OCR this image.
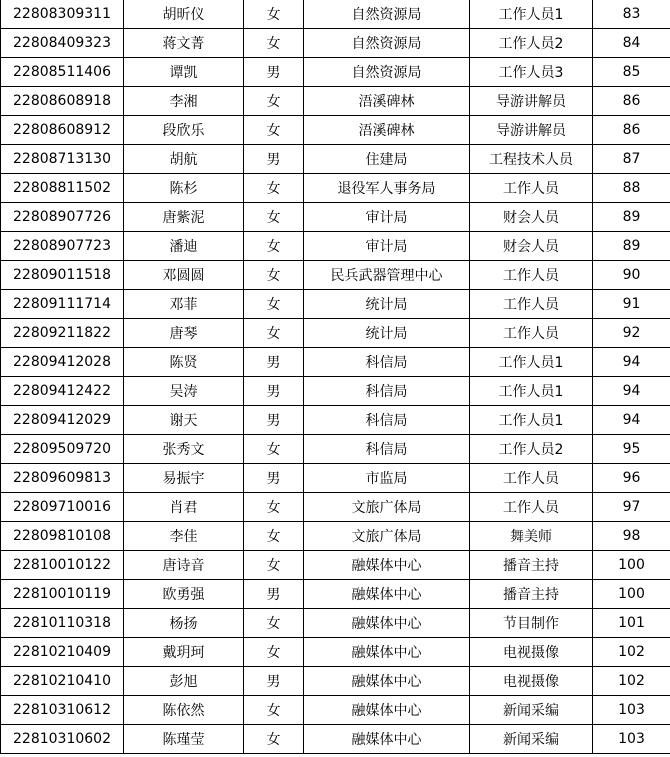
22808309311	胡昕仪	女	自然资源局	工作人员1	83
22808409323	蒋文菁	女	自然资源局	工作人员2	84
22808511406	谭凯	男	自然资源局	工作人员3	85
22808608918	李湘	女	浯溪碑林	导游讲解员	86
22808608912	段欣乐	女	浯溪碑林	导游讲解员	86
22808713130	胡航	男	住建局	工程技术人员	87
22808811502	陈杉	女	退役军人事务局	工作人员	88
22808907726	唐紫泥	女	审计局	财会人员	89
22808907723	潘迪	女	审计局	财会人员	89
22809011518	邓圆圆	女	民兵武器管理中心	工作人员	90
22809111714	邓菲	女	统计局	工作人员	91
22809211822	唐琴	女	统计局	工作人员	92
22809412028	陈贤	男	科信局	工作人员1	94
22809412422	吴涛	男	科信局	工作人员1	94
22809412029	谢天	男	科信局	工作人员1	94
22809509720	张秀文	女	科信局	工作人员2	95
22809609813	易振宇	男	市监局	工作人员	96
22809710016	肖君	女	文旅广体局	工作人员	97
22809810108	李佳	女	文旅广体局	舞美师	98
22810010122	唐诗音	女	融媒体中心	播音主持	100
22810010119	欧勇强	男	融媒体中心	播音主持	100
22810110318	杨扬	女	融媒体中心	节目制作	101
22810210409	戴玥珂	女	融媒体中心	电视摄像	102
22810210410	彭旭	男	融媒体中心	电视摄像	102
22810310612	陈依然	女	融媒体中心	新闻采编	103
22810310602	陈瑾莹	女	融媒体中心	新闻采编	103
